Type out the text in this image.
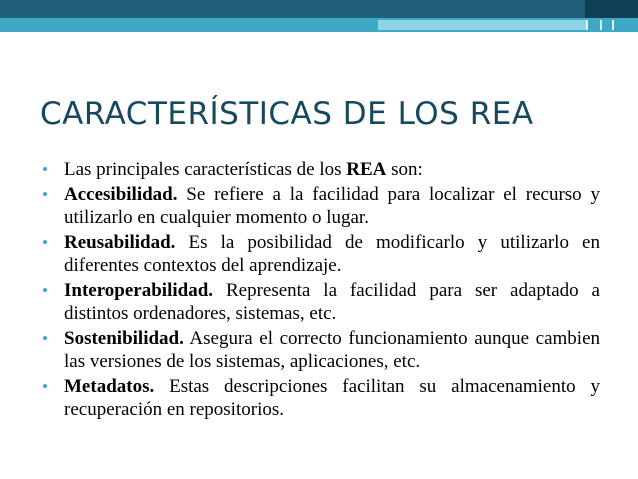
CARACTERÍSTICAS DE LOS REA
• Las principales características de los REA son:
• Accesibilidad. Se refiere a la facilidad para localizar el recurso y utilizarlo en cualquier momento o lugar.
• Reusabilidad. Es la posibilidad de modificarlo y utilizarlo en diferentes contextos del aprendizaje.
• Interoperabilidad. Representa la facilidad para ser adaptado a distintos ordenadores, sistemas, etc.
• Sostenibilidad. Asegura el correcto funcionamiento aunque cambien las versiones de los sistemas, aplicaciones, etc.
• Metadatos. Estas descripciones facilitan su almacenamiento y recuperación en repositorios.
